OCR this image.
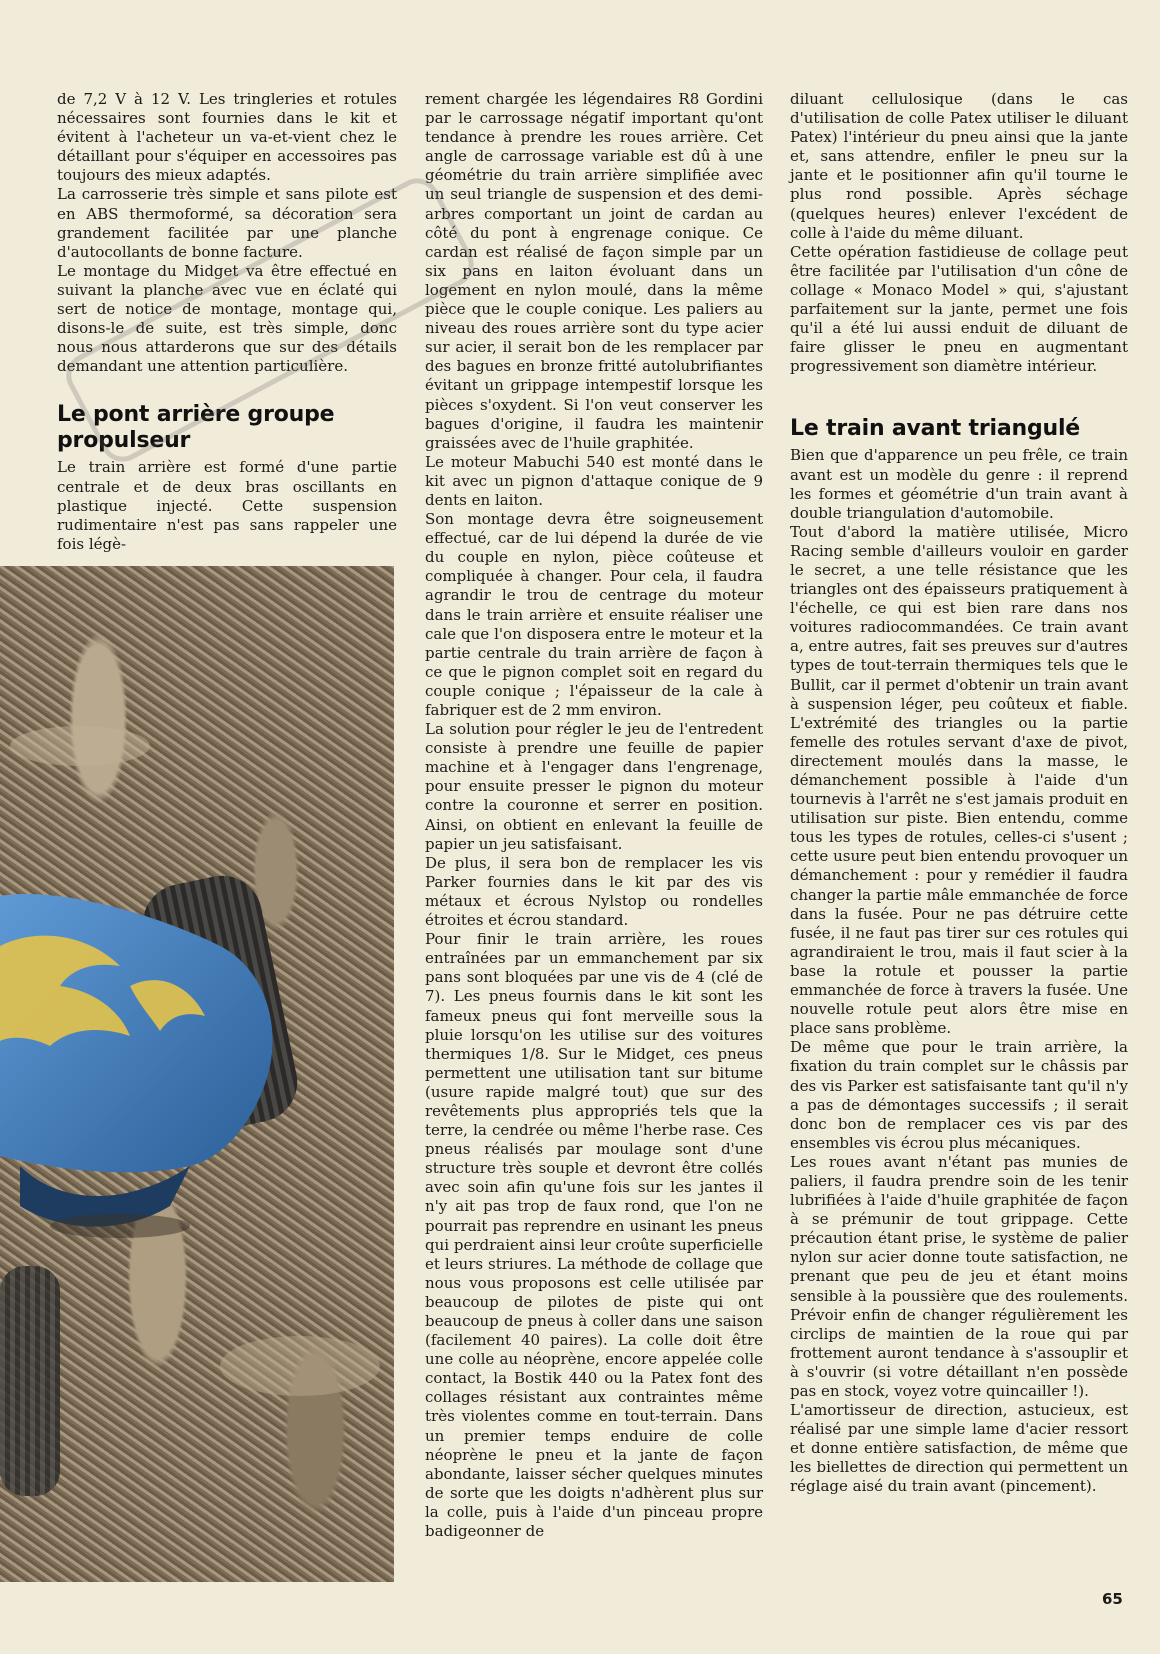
de 7,2 V à 12 V. Les tringleries et rotules nécessaires sont fournies dans le kit et évitent à l'acheteur un va-et-vient chez le détaillant pour s'équiper en accessoires pas toujours des mieux adaptés.

La carrosserie très simple et sans pilote est en ABS thermoformé, sa décoration sera grandement facilitée par une planche d'autocollants de bonne facture.

Le montage du Midget va être effectué en suivant la planche avec vue en éclaté qui sert de notice de montage, montage qui, disons-le de suite, est très simple, donc nous nous attarderons que sur des détails demandant une attention particulière.

Le pont arrière groupe propulseur

Le train arrière est formé d'une partie centrale et de deux bras oscillants en plastique injecté. Cette suspension rudimentaire n'est pas sans rappeler une fois légè-

rement chargée les légendaires R8 Gordini par le carrossage négatif important qu'ont tendance à prendre les roues arrière. Cet angle de carrossage variable est dû à une géométrie du train arrière simplifiée avec un seul triangle de suspension et des demi-arbres comportant un joint de cardan au côté du pont à engrenage conique. Ce cardan est réalisé de façon simple par un six pans en laiton évoluant dans un logement en nylon moulé, dans la même pièce que le couple conique. Les paliers au niveau des roues arrière sont du type acier sur acier, il serait bon de les remplacer par des bagues en bronze fritté autolubrifiantes évitant un grippage intempestif lorsque les pièces s'oxydent. Si l'on veut conserver les bagues d'origine, il faudra les maintenir graissées avec de l'huile graphitée.

Le moteur Mabuchi 540 est monté dans le kit avec un pignon d'attaque conique de 9 dents en laiton.

Son montage devra être soigneusement effectué, car de lui dépend la durée de vie du couple en nylon, pièce coûteuse et compliquée à changer. Pour cela, il faudra agrandir le trou de centrage du moteur dans le train arrière et ensuite réaliser une cale que l'on disposera entre le moteur et la partie centrale du train arrière de façon à ce que le pignon complet soit en regard du couple conique ; l'épaisseur de la cale à fabriquer est de 2 mm environ.

La solution pour régler le jeu de l'entredent consiste à prendre une feuille de papier machine et à l'engager dans l'engrenage, pour ensuite presser le pignon du moteur contre la couronne et serrer en position. Ainsi, on obtient en enlevant la feuille de papier un jeu satisfaisant.

De plus, il sera bon de remplacer les vis Parker fournies dans le kit par des vis métaux et écrous Nylstop ou rondelles étroites et écrou standard.

Pour finir le train arrière, les roues entraînées par un emmanchement par six pans sont bloquées par une vis de 4 (clé de 7). Les pneus fournis dans le kit sont les fameux pneus qui font merveille sous la pluie lorsqu'on les utilise sur des voitures thermiques 1/8. Sur le Midget, ces pneus permettent une utilisation tant sur bitume (usure rapide malgré tout) que sur des revêtements plus appropriés tels que la terre, la cendrée ou même l'herbe rase. Ces pneus réalisés par moulage sont d'une structure très souple et devront être collés avec soin afin qu'une fois sur les jantes il n'y ait pas trop de faux rond, que l'on ne pourrait pas reprendre en usinant les pneus qui perdraient ainsi leur croûte superficielle et leurs striures. La méthode de collage que nous vous proposons est celle utilisée par beaucoup de pilotes de piste qui ont beaucoup de pneus à coller dans une saison (facilement 40 paires). La colle doit être une colle au néoprène, encore appelée colle contact, la Bostik 440 ou la Patex font des collages résistant aux contraintes même très violentes comme en tout-terrain. Dans un premier temps enduire de colle néoprène le pneu et la jante de façon abondante, laisser sécher quelques minutes de sorte que les doigts n'adhèrent plus sur la colle, puis à l'aide d'un pinceau propre badigeonner de

diluant cellulosique (dans le cas d'utilisation de colle Patex utiliser le diluant Patex) l'intérieur du pneu ainsi que la jante et, sans attendre, enfiler le pneu sur la jante et le positionner afin qu'il tourne le plus rond possible. Après séchage (quelques heures) enlever l'excédent de colle à l'aide du même diluant.

Cette opération fastidieuse de collage peut être facilitée par l'utilisation d'un cône de collage « Monaco Model » qui, s'ajustant parfaitement sur la jante, permet une fois qu'il a été lui aussi enduit de diluant de faire glisser le pneu en augmentant progressivement son diamètre intérieur.

Le train avant triangulé

Bien que d'apparence un peu frêle, ce train avant est un modèle du genre : il reprend les formes et géométrie d'un train avant à double triangulation d'automobile.

Tout d'abord la matière utilisée, Micro Racing semble d'ailleurs vouloir en garder le secret, a une telle résistance que les triangles ont des épaisseurs pratiquement à l'échelle, ce qui est bien rare dans nos voitures radiocommandées. Ce train avant a, entre autres, fait ses preuves sur d'autres types de tout-terrain thermiques tels que le Bullit, car il permet d'obtenir un train avant à suspension léger, peu coûteux et fiable. L'extrémité des triangles ou la partie femelle des rotules servant d'axe de pivot, directement moulés dans la masse, le démanchement possible à l'aide d'un tournevis à l'arrêt ne s'est jamais produit en utilisation sur piste. Bien entendu, comme tous les types de rotules, celles-ci s'usent ; cette usure peut bien entendu provoquer un démanchement : pour y remédier il faudra changer la partie mâle emmanchée de force dans la fusée. Pour ne pas détruire cette fusée, il ne faut pas tirer sur ces rotules qui agrandiraient le trou, mais il faut scier à la base la rotule et pousser la partie emmanchée de force à travers la fusée. Une nouvelle rotule peut alors être mise en place sans problème.

De même que pour le train arrière, la fixation du train complet sur le châssis par des vis Parker est satisfaisante tant qu'il n'y a pas de démontages successifs ; il serait donc bon de remplacer ces vis par des ensembles vis écrou plus mécaniques.

Les roues avant n'étant pas munies de paliers, il faudra prendre soin de les tenir lubrifiées à l'aide d'huile graphitée de façon à se prémunir de tout grippage. Cette précaution étant prise, le système de palier nylon sur acier donne toute satisfaction, ne prenant que peu de jeu et étant moins sensible à la poussière que des roulements. Prévoir enfin de changer régulièrement les circlips de maintien de la roue qui par frottement auront tendance à s'assouplir et à s'ouvrir (si votre détaillant n'en possède pas en stock, voyez votre quincailler !).

L'amortisseur de direction, astucieux, est réalisé par une simple lame d'acier ressort et donne entière satisfaction, de même que les biellettes de direction qui permettent un réglage aisé du train avant (pincement).

65
